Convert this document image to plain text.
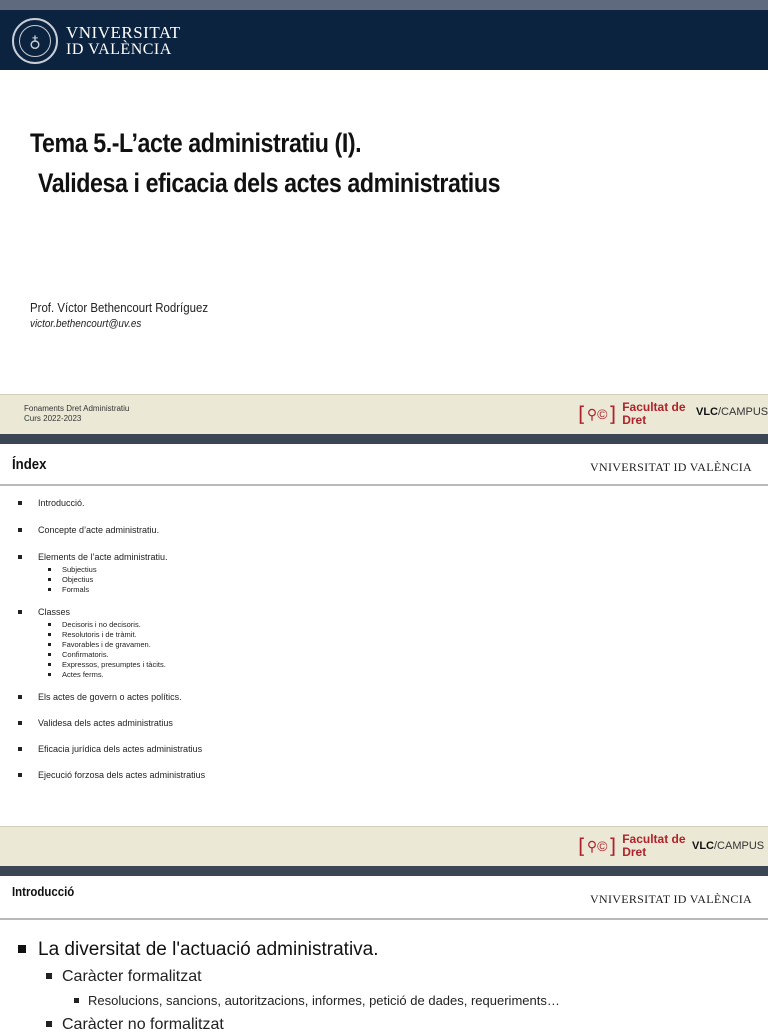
♁	VNIVERSITAT
ID VALÈNCIA
Tema 5.-L’acte administratiu (I).
Validesa i eficacia dels actes administratius
Prof. Víctor Bethencourt Rodríguez
victor.bethencourt@uv.es
Fonaments Dret Administratiu
Curs 2022-2023	[ ⚲© ] Facultat de
Dret
VLC/CAMPUS
Índex	VNIVERSITAT ID VALÈNCIA
Introducció.
Concepte d’acte administratiu.
Elements de l’acte administratiu.
Subjectius
Objectius
Formals
Classes
Decisoris i no decisoris.
Resolutoris i de tràmit.
Favorables i de gravamen.
Confirmatoris.
Expressos, presumptes i tàcits.
Actes ferms.
Els actes de govern o actes polítics.
Validesa dels actes administratius
Eficacia jurídica dels actes administratius
Ejecució forzosa dels actes administratius
[ ⚲© ] Facultat de
Dret	VLC/CAMPUS
Introducció	VNIVERSITAT ID VALÈNCIA
La diversitat de l'actuació administrativa.
Caràcter formalitzat
Resolucions, sancions, autoritzacions, informes, petició de dades, requeriments…
Caràcter no formalitzat
